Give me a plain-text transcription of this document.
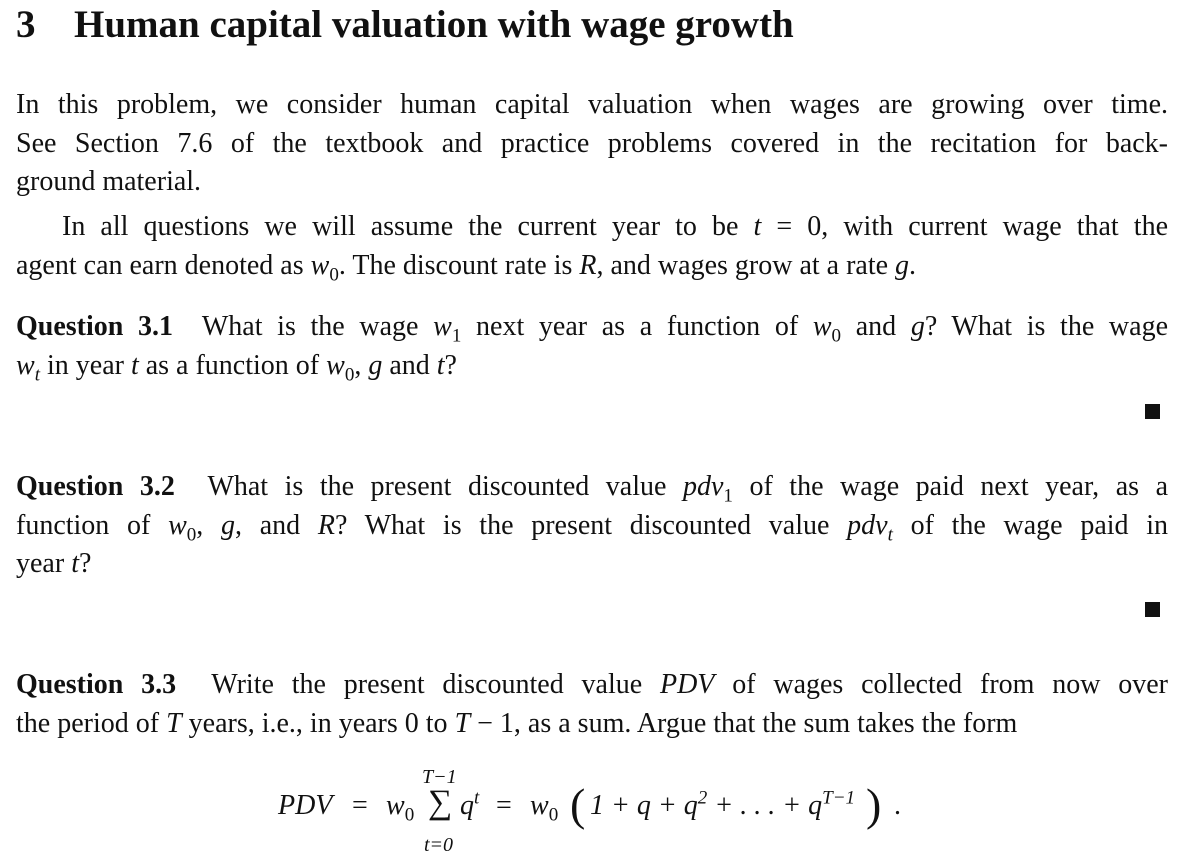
3 Human capital valuation with wage growth
In this problem, we consider human capital valuation when wages are growing over time.
See Section 7.6 of the textbook and practice problems covered in the recitation for back-
ground material.
In all questions we will assume the current year to be t = 0, with current wage that the
agent can earn denoted as $w_0$. The discount rate is R, and wages grow at a rate g.
Question 3.1 What is the wage $w_1$ next year as a function of $w_0$ and g? What is the wage
$w_t$ in year t as a function of $w_0$, g and t?
Question 3.2 What is the present discounted value pdv$_1$ of the wage paid next year, as a
function of $w_0$, g, and R? What is the present discounted value pdv$_t$ of the wage paid in
year t?
Question 3.3 Write the present discounted value PDV of wages collected from now over
the period of T years, i.e., in years 0 to T − 1, as a sum. Argue that the sum takes the form
PDV = $w_0$
T−1
∑
t=0
$q^t = w_0$ ( $1 + q + q^2$ + . . . + $q^{T-1}$ ) .
